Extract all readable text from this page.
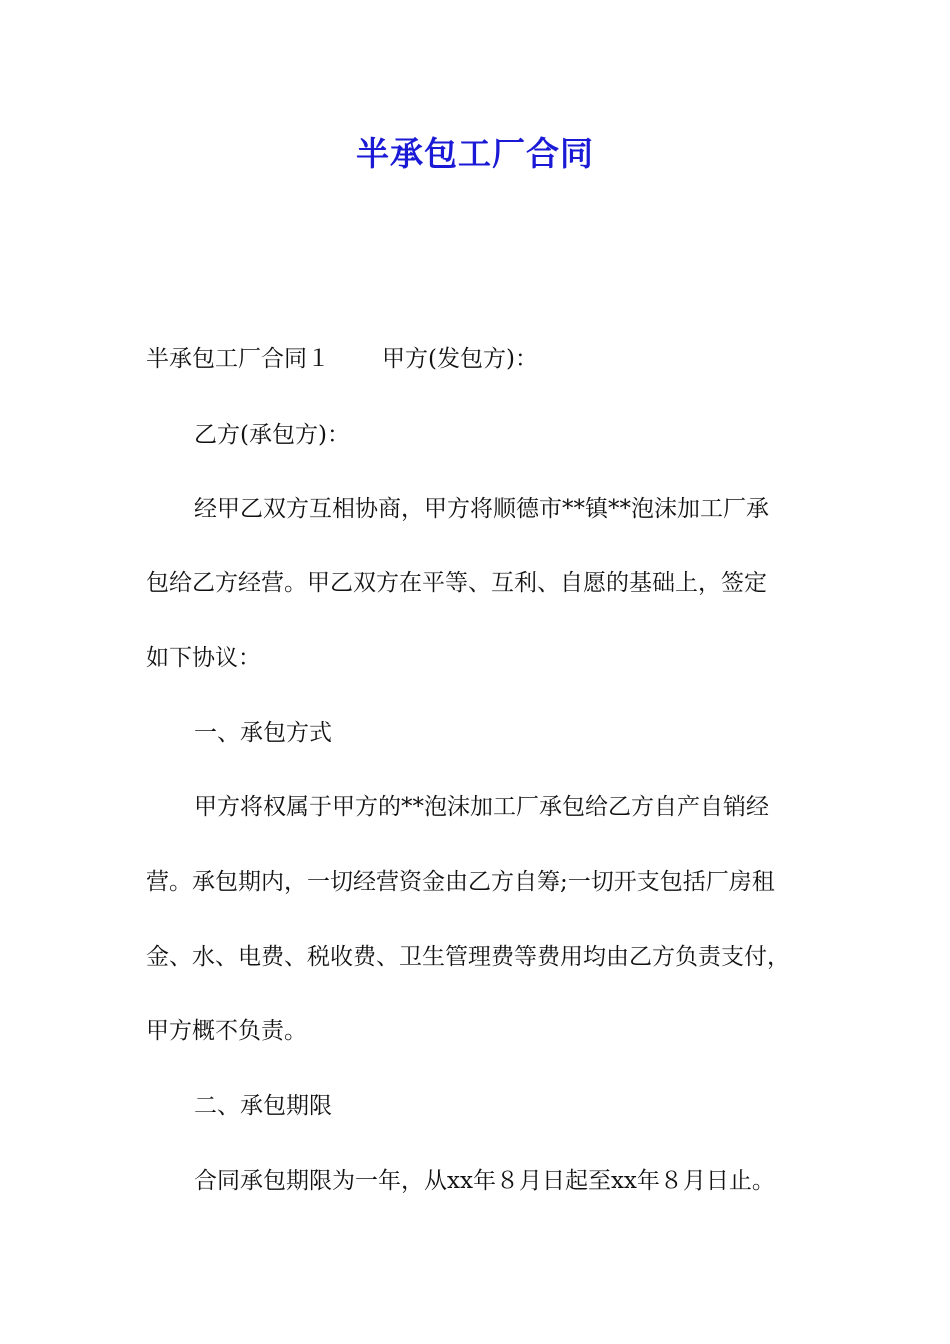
半承包工厂合同

半承包工厂合同１ 甲方(发包方)：

乙方(承包方)：

经甲乙双方互相协商，甲方将顺德市**镇**泡沫加工厂承

包给乙方经营。甲乙双方在平等、互利、自愿的基础上，签定

如下协议：

一、承包方式

甲方将权属于甲方的**泡沫加工厂承包给乙方自产自销经

营。承包期内，一切经营资金由乙方自筹;一切开支包括厂房租

金、水、电费、税收费、卫生管理费等费用均由乙方负责支付，

甲方概不负责。

二、承包期限

合同承包期限为一年，从xx年８月日起至xx年８月日止。
